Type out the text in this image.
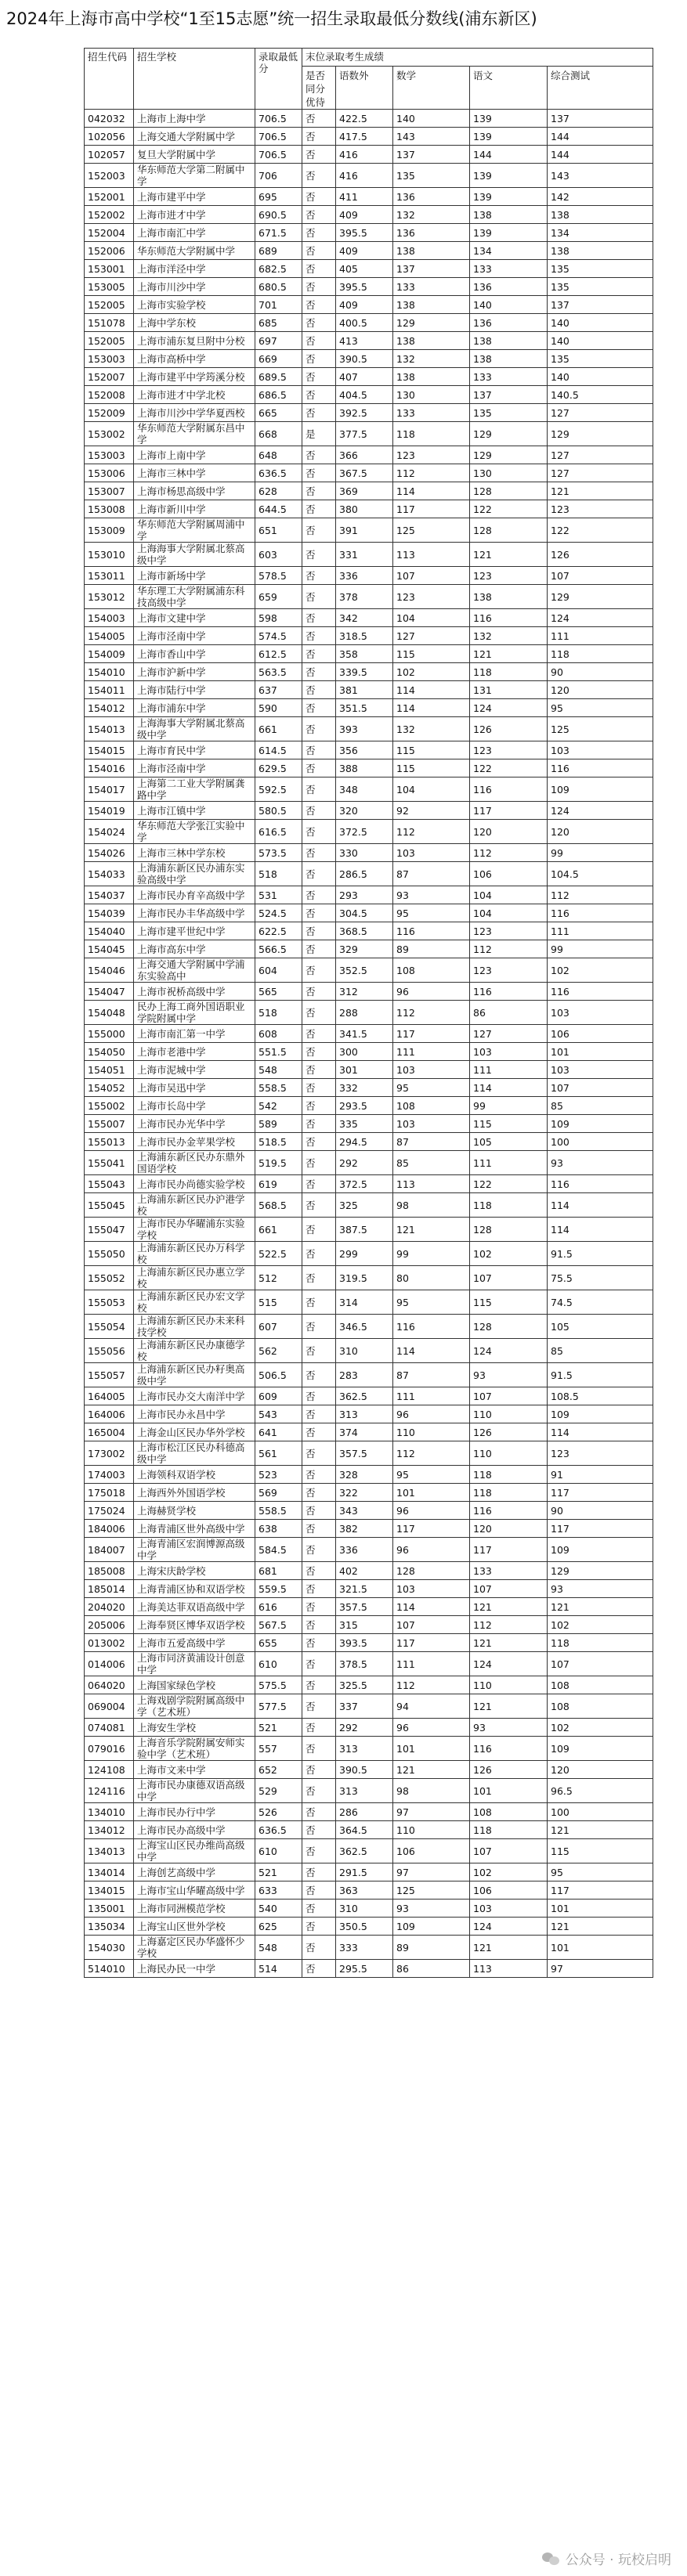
2024年上海市高中学校“1至15志愿”统一招生录取最低分数线(浦东新区)
招生代码	招生学校	录取最低分	末位录取考生成绩				
			是否 同分优待	语数外	数学	语文	综合测试
042032	上海市上海中学	706.5	否	422.5	140	139	137
102056	上海交通大学附属中学	706.5	否	417.5	143	139	144
102057	复旦大学附属中学	706.5	否	416	137	144	144
152003	华东师范大学第二附属中学	706	否	416	135	139	143
152001	上海市建平中学	695	否	411	136	139	142
152002	上海市进才中学	690.5	否	409	132	138	138
152004	上海市南汇中学	671.5	否	395.5	136	139	134
152006	华东师范大学附属中学	689	否	409	138	134	138
153001	上海市洋泾中学	682.5	否	405	137	133	135
153005	上海市川沙中学	680.5	否	395.5	133	136	135
152005	上海市实验学校	701	否	409	138	140	137
151078	上海中学东校	685	否	400.5	129	136	140
152005	上海市浦东复旦附中分校	697	否	413	138	138	140
153003	上海市高桥中学	669	否	390.5	132	138	135
152007	上海市建平中学筠溪分校	689.5	否	407	138	133	140
152008	上海市进才中学北校	686.5	否	404.5	130	137	140.5
152009	上海市川沙中学华夏西校	665	否	392.5	133	135	127
153002	华东师范大学附属东昌中学	668	是	377.5	118	129	129
153003	上海市上南中学	648	否	366	123	129	127
153006	上海市三林中学	636.5	否	367.5	112	130	127
153007	上海市杨思高级中学	628	否	369	114	128	121
153008	上海市新川中学	644.5	否	380	117	122	123
153009	华东师范大学附属周浦中学	651	否	391	125	128	122
153010	上海海事大学附属北蔡高级中学	603	否	331	113	121	126
153011	上海市新场中学	578.5	否	336	107	123	107
153012	华东理工大学附属浦东科技高级中学	659	否	378	123	138	129
154003	上海市文建中学	598	否	342	104	116	124
154005	上海市泾南中学	574.5	否	318.5	127	132	111
154009	上海市香山中学	612.5	否	358	115	121	118
154010	上海市沪新中学	563.5	否	339.5	102	118	90
154011	上海市陆行中学	637	否	381	114	131	120
154012	上海市浦东中学	590	否	351.5	114	124	95
154013	上海海事大学附属北蔡高级中学	661	否	393	132	126	125
154015	上海市育民中学	614.5	否	356	115	123	103
154016	上海市泾南中学	629.5	否	388	115	122	116
154017	上海第二工业大学附属龚路中学	592.5	否	348	104	116	109
154019	上海市江镇中学	580.5	否	320	92	117	124
154024	华东师范大学张江实验中学	616.5	否	372.5	112	120	120
154026	上海市三林中学东校	573.5	否	330	103	112	99
154033	上海浦东新区民办浦东实验高级中学	518	否	286.5	87	106	104.5
154037	上海市民办育辛高级中学	531	否	293	93	104	112
154039	上海市民办丰华高级中学	524.5	否	304.5	95	104	116
154040	上海市建平世纪中学	622.5	否	368.5	116	123	111
154045	上海市高东中学	566.5	否	329	89	112	99
154046	上海交通大学附属中学浦东实验高中	604	否	352.5	108	123	102
154047	上海市祝桥高级中学	565	否	312	96	116	116
154048	民办上海工商外国语职业学院附属中学	518	否	288	112	86	103
155000	上海市南汇第一中学	608	否	341.5	117	127	106
154050	上海市老港中学	551.5	否	300	111	103	101
154051	上海市泥城中学	548	否	301	103	111	103
154052	上海市吴迅中学	558.5	否	332	95	114	107
155002	上海市长岛中学	542	否	293.5	108	99	85
155007	上海市民办光华中学	589	否	335	103	115	109
155013	上海市民办金苹果学校	518.5	否	294.5	87	105	100
155041	上海浦东新区民办东鼎外国语学校	519.5	否	292	85	111	93
155043	上海市民办尚德实验学校	619	否	372.5	113	122	116
155045	上海浦东新区民办沪港学校	568.5	否	325	98	118	114
155047	上海市民办华曜浦东实验学校	661	否	387.5	121	128	114
155050	上海浦东新区民办万科学校	522.5	否	299	99	102	91.5
155052	上海浦东新区民办惠立学校	512	否	319.5	80	107	75.5
155053	上海浦东新区民办宏文学校	515	否	314	95	115	74.5
155054	上海浦东新区民办未来科技学校	607	否	346.5	116	128	105
155056	上海浦东新区民办康德学校	562	否	310	114	124	85
155057	上海浦东新区民办籽奥高级中学	506.5	否	283	87	93	91.5
164005	上海市民办交大南洋中学	609	否	362.5	111	107	108.5
164006	上海市民办永昌中学	543	否	313	96	110	109
165004	上海金山区民办华外学校	641	否	374	110	126	114
173002	上海市松江区民办科德高级中学	561	否	357.5	112	110	123
174003	上海领科双语学校	523	否	328	95	118	91
175018	上海西外外国语学校	569	否	322	101	118	117
175024	上海赫贤学校	558.5	否	343	96	116	90
184006	上海青浦区世外高级中学	638	否	382	117	120	117
184007	上海青浦区宏润博源高级中学	584.5	否	336	96	117	109
185008	上海宋庆龄学校	681	否	402	128	133	129
185014	上海青浦区协和双语学校	559.5	否	321.5	103	107	93
204020	上海美达菲双语高级中学	616	否	357.5	114	121	121
205006	上海奉贤区博华双语学校	567.5	否	315	107	112	102
013002	上海市五爱高级中学	655	否	393.5	117	121	118
014006	上海市同济黄浦设计创意中学	610	否	378.5	111	124	107
064020	上海国家绿色学校	575.5	否	325.5	112	110	108
069004	上海戏剧学院附属高级中学（艺术班）	577.5	否	337	94	121	108
074081	上海安生学校	521	否	292	96	93	102
079016	上海音乐学院附属安师实验中学（艺术班）	557	否	313	101	116	109
124108	上海市文来中学	652	否	390.5	121	126	120
124116	上海市民办康德双语高级中学	529	否	313	98	101	96.5
134010	上海市民办行中学	526	否	286	97	108	100
134012	上海市民办高级中学	636.5	否	364.5	110	118	121
134013	上海宝山区民办维尚高级中学	610	否	362.5	106	107	115
134014	上海创艺高级中学	521	否	291.5	97	102	95
134015	上海市宝山华曜高级中学	633	否	363	125	106	117
135001	上海市同洲模范学校	540	否	310	93	103	101
135034	上海宝山区世外学校	625	否	350.5	109	124	121
154030	上海嘉定区民办华盛怀少学校	548	否	333	89	121	101
514010	上海民办民一中学	514	否	295.5	86	113	97
公众号 · 玩校启明
